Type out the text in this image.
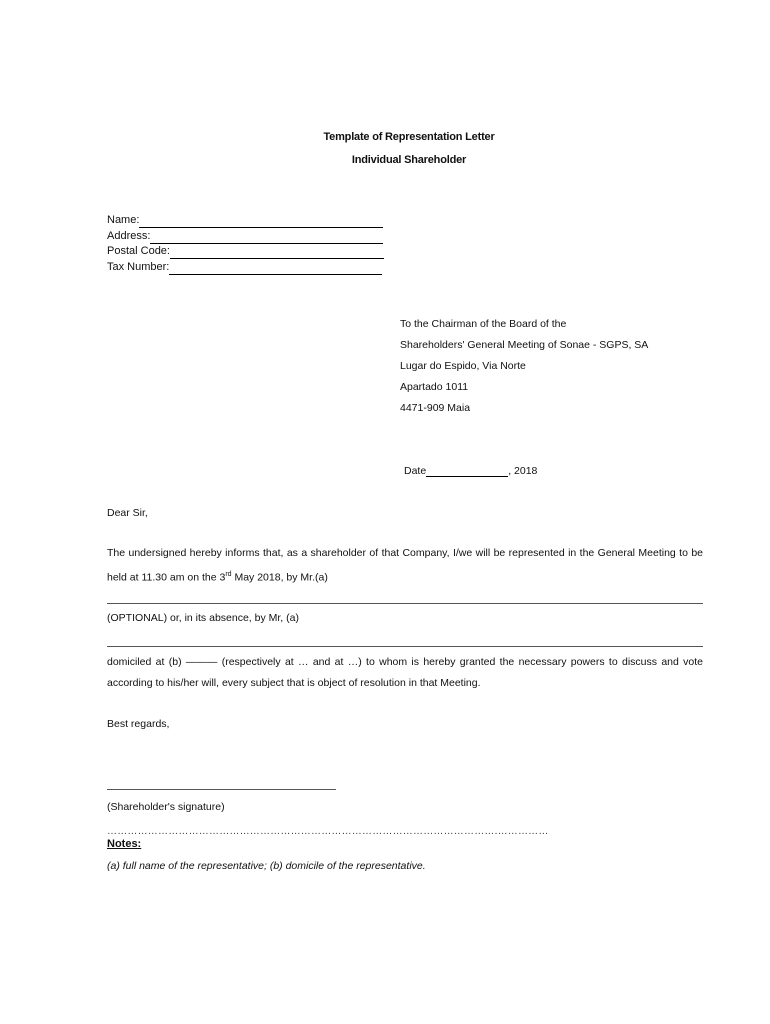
Template of Representation Letter
Individual Shareholder
Name:
Address:
Postal Code:
Tax Number:
To the Chairman of the Board of the
Shareholders' General Meeting of Sonae - SGPS, SA
Lugar do Espido, Via Norte
Apartado 1011
4471-909 Maia
Date	, 2018
Dear Sir,
The undersigned hereby informs that, as a shareholder of that Company, I/we will be represented in the General Meeting to be held at 11.30 am on the 3rd May 2018, by Mr.(a)
(OPTIONAL) or, in its absence, by Mr, (a)
domiciled at (b) ——— (respectively at … and at …) to whom is hereby granted the necessary powers to discuss and vote according to his/her will, every subject that is object of resolution in that Meeting.
Best regards,
(Shareholder's signature)
…………………………………………………………………………………………………….……………
Notes:
(a) full name of the representative; (b) domicile of the representative.
